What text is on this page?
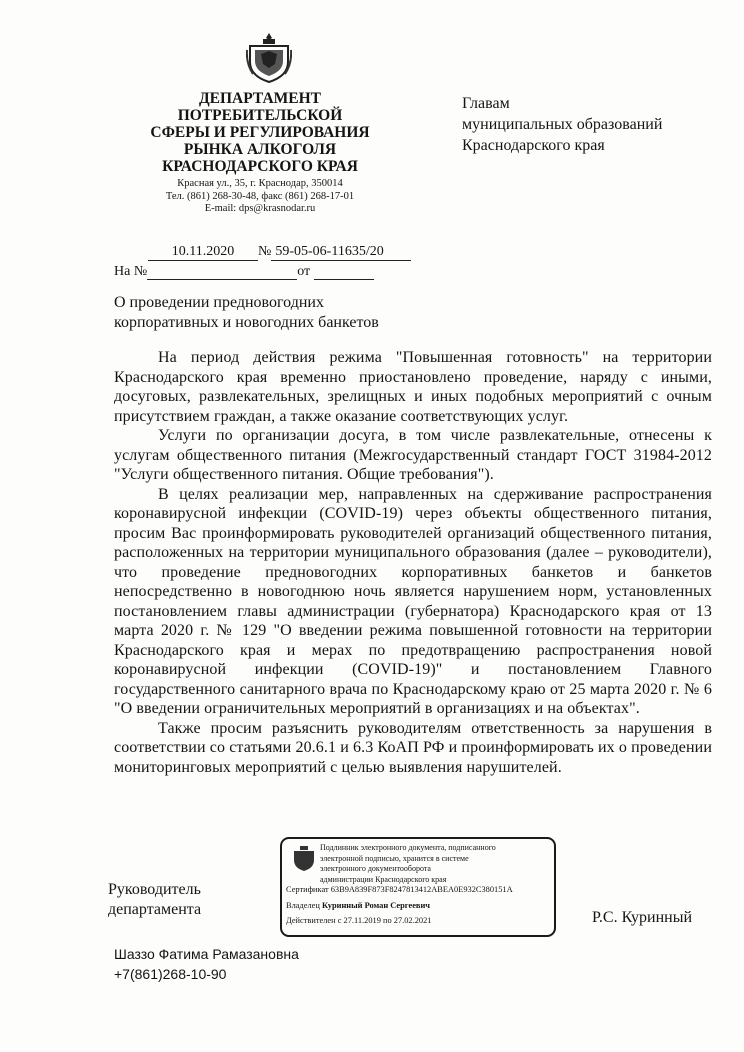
ДЕПАРТАМЕНТ
ПОТРЕБИТЕЛЬСКОЙ
СФЕРЫ И РЕГУЛИРОВАНИЯ
РЫНКА АЛКОГОЛЯ
КРАСНОДАРСКОГО КРАЯ
Красная ул., 35, г. Краснодар, 350014
Тел. (861) 268-30-48, факс (861) 268-17-01
E-mail: dps@krasnodar.ru
Главам
муниципальных образований
Краснодарского края
10.11.2020 № 59-05-06-11635/20
На №	от
О проведении предновогодних
корпоративных и новогодних банкетов

На период действия режима "Повышенная готовность" на территории Краснодарского края временно приостановлено проведение, наряду с иными, досуговых, развлекательных, зрелищных и иных подобных мероприятий с очным присутствием граждан, а также оказание соответствующих услуг.

Услуги по организации досуга, в том числе развлекательные, отнесены к услугам общественного питания (Межгосударственный стандарт ГОСТ 31984-2012 "Услуги общественного питания. Общие требования").

В целях реализации мер, направленных на сдерживание распространения коронавирусной инфекции (COVID-19) через объекты общественного питания, просим Вас проинформировать руководителей организаций общественного питания, расположенных на территории муниципального образования (далее – руководители), что проведение предновогодних корпоративных банкетов и банкетов непосредственно в новогоднюю ночь является нарушением норм, установленных постановлением главы администрации (губернатора) Краснодарского края от 13 марта 2020 г. № 129 "О введении режима повышенной готовности на территории Краснодарского края и мерах по предотвращению распространения новой коронавирусной инфекции (COVID-19)" и постановлением Главного государственного санитарного врача по Краснодарскому краю от 25 марта 2020 г. № 6 "О введении ограничительных мероприятий в организациях и на объектах".

Также просим разъяснить руководителям ответственность за нарушения в соответствии со статьями 20.6.1 и 6.3 КоАП РФ и проинформировать их о проведении мониторинговых мероприятий с целью выявления нарушителей.

Руководитель
департамента
Подлинник электронного документа, подписанного
электронной подписью, хранится в системе
электронного документооборота
администрации Краснодарского края
Сертификат 63B9A839F873F8247813412ABEA0E932C380151A
Владелец Куринный Роман Сергеевич
Действителен с 27.11.2019 по 27.02.2021	Р.С. Куринный
Шаззо Фатима Рамазановна
+7(861)268-10-90
